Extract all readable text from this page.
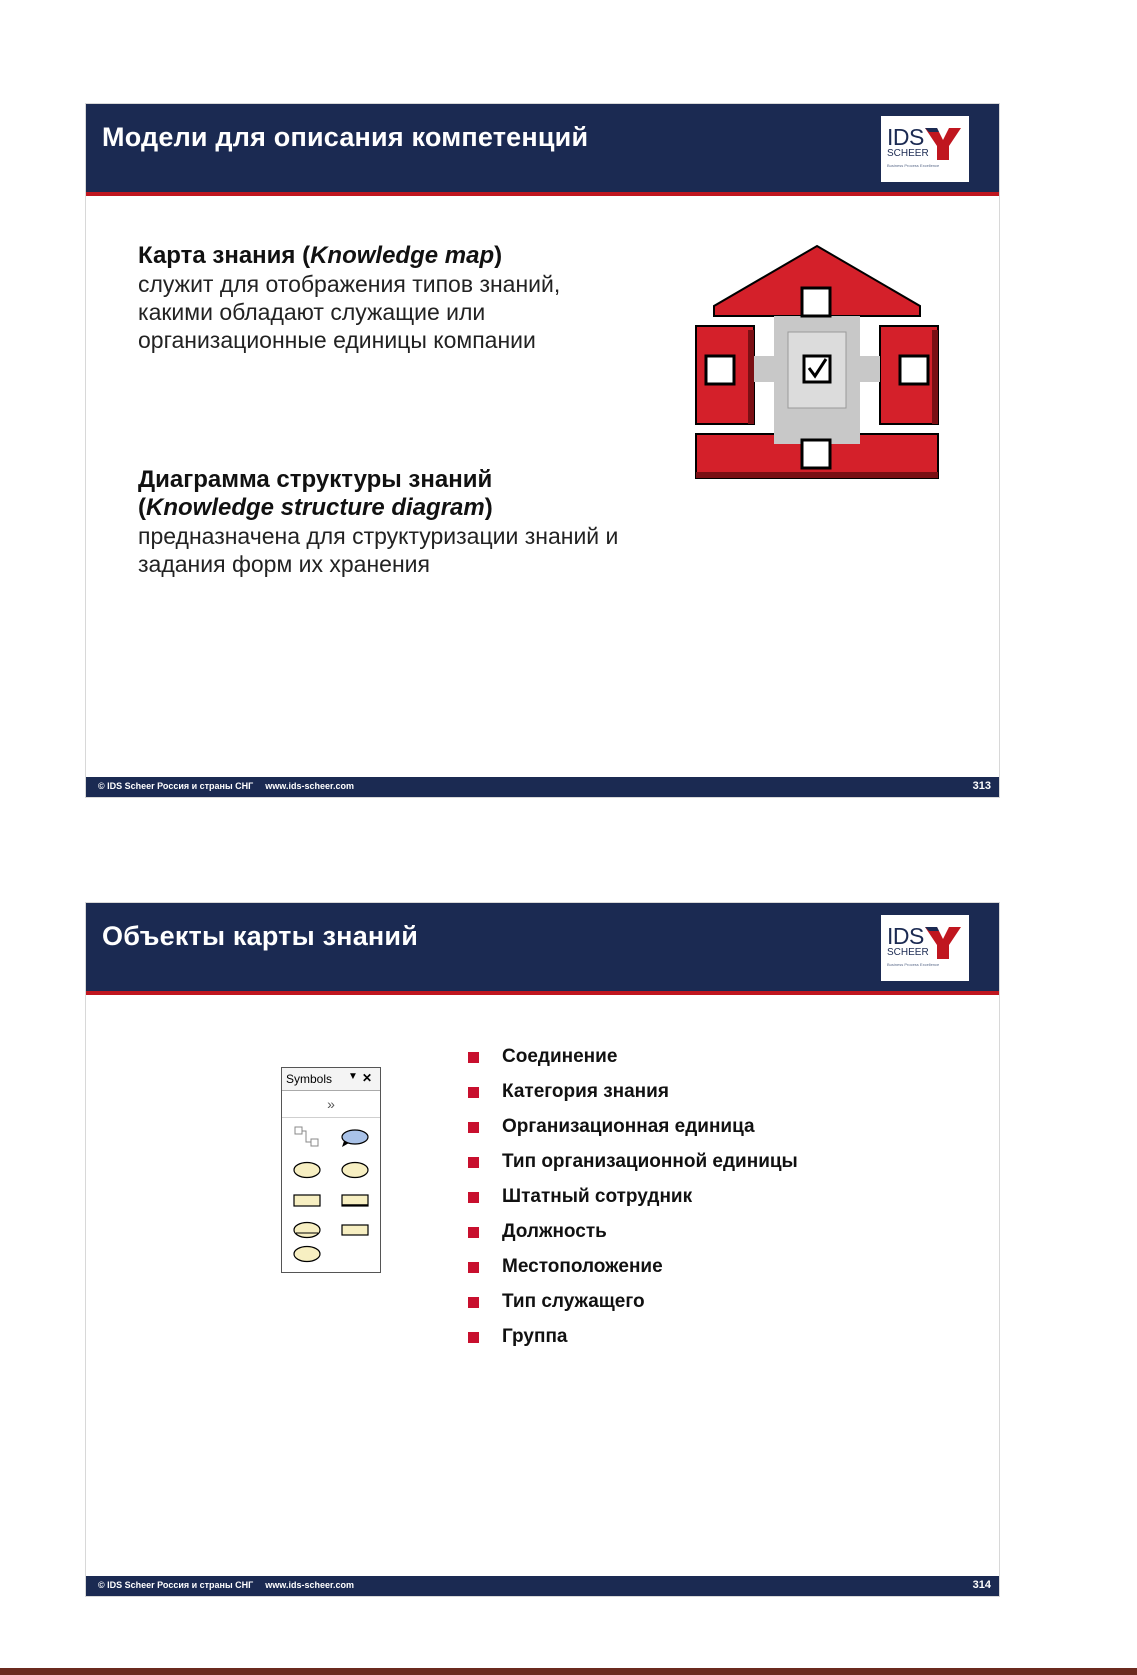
Модели для описания компетенций	IDS
SCHEER
Business Process Excellence
Карта знания (Knowledge map)
служит для отображения типов знаний,
какими обладают служащие или
организационные единицы компании
Диаграмма структуры знаний
(Knowledge structure diagram)
предназначена для структуризации знаний и
задания форм их хранения
© IDS Scheer Россия и страны СНГ www.ids-scheer.com	313
Объекты карты знаний	IDS
SCHEER
Business Process Excellence
Symbols ▼ ✕
»
Соединение
Категория знания
Организационная единица
Тип организационной единицы
Штатный сотрудник
Должность
Местоположение
Тип служащего
Группа
© IDS Scheer Россия и страны СНГ www.ids-scheer.com	314
